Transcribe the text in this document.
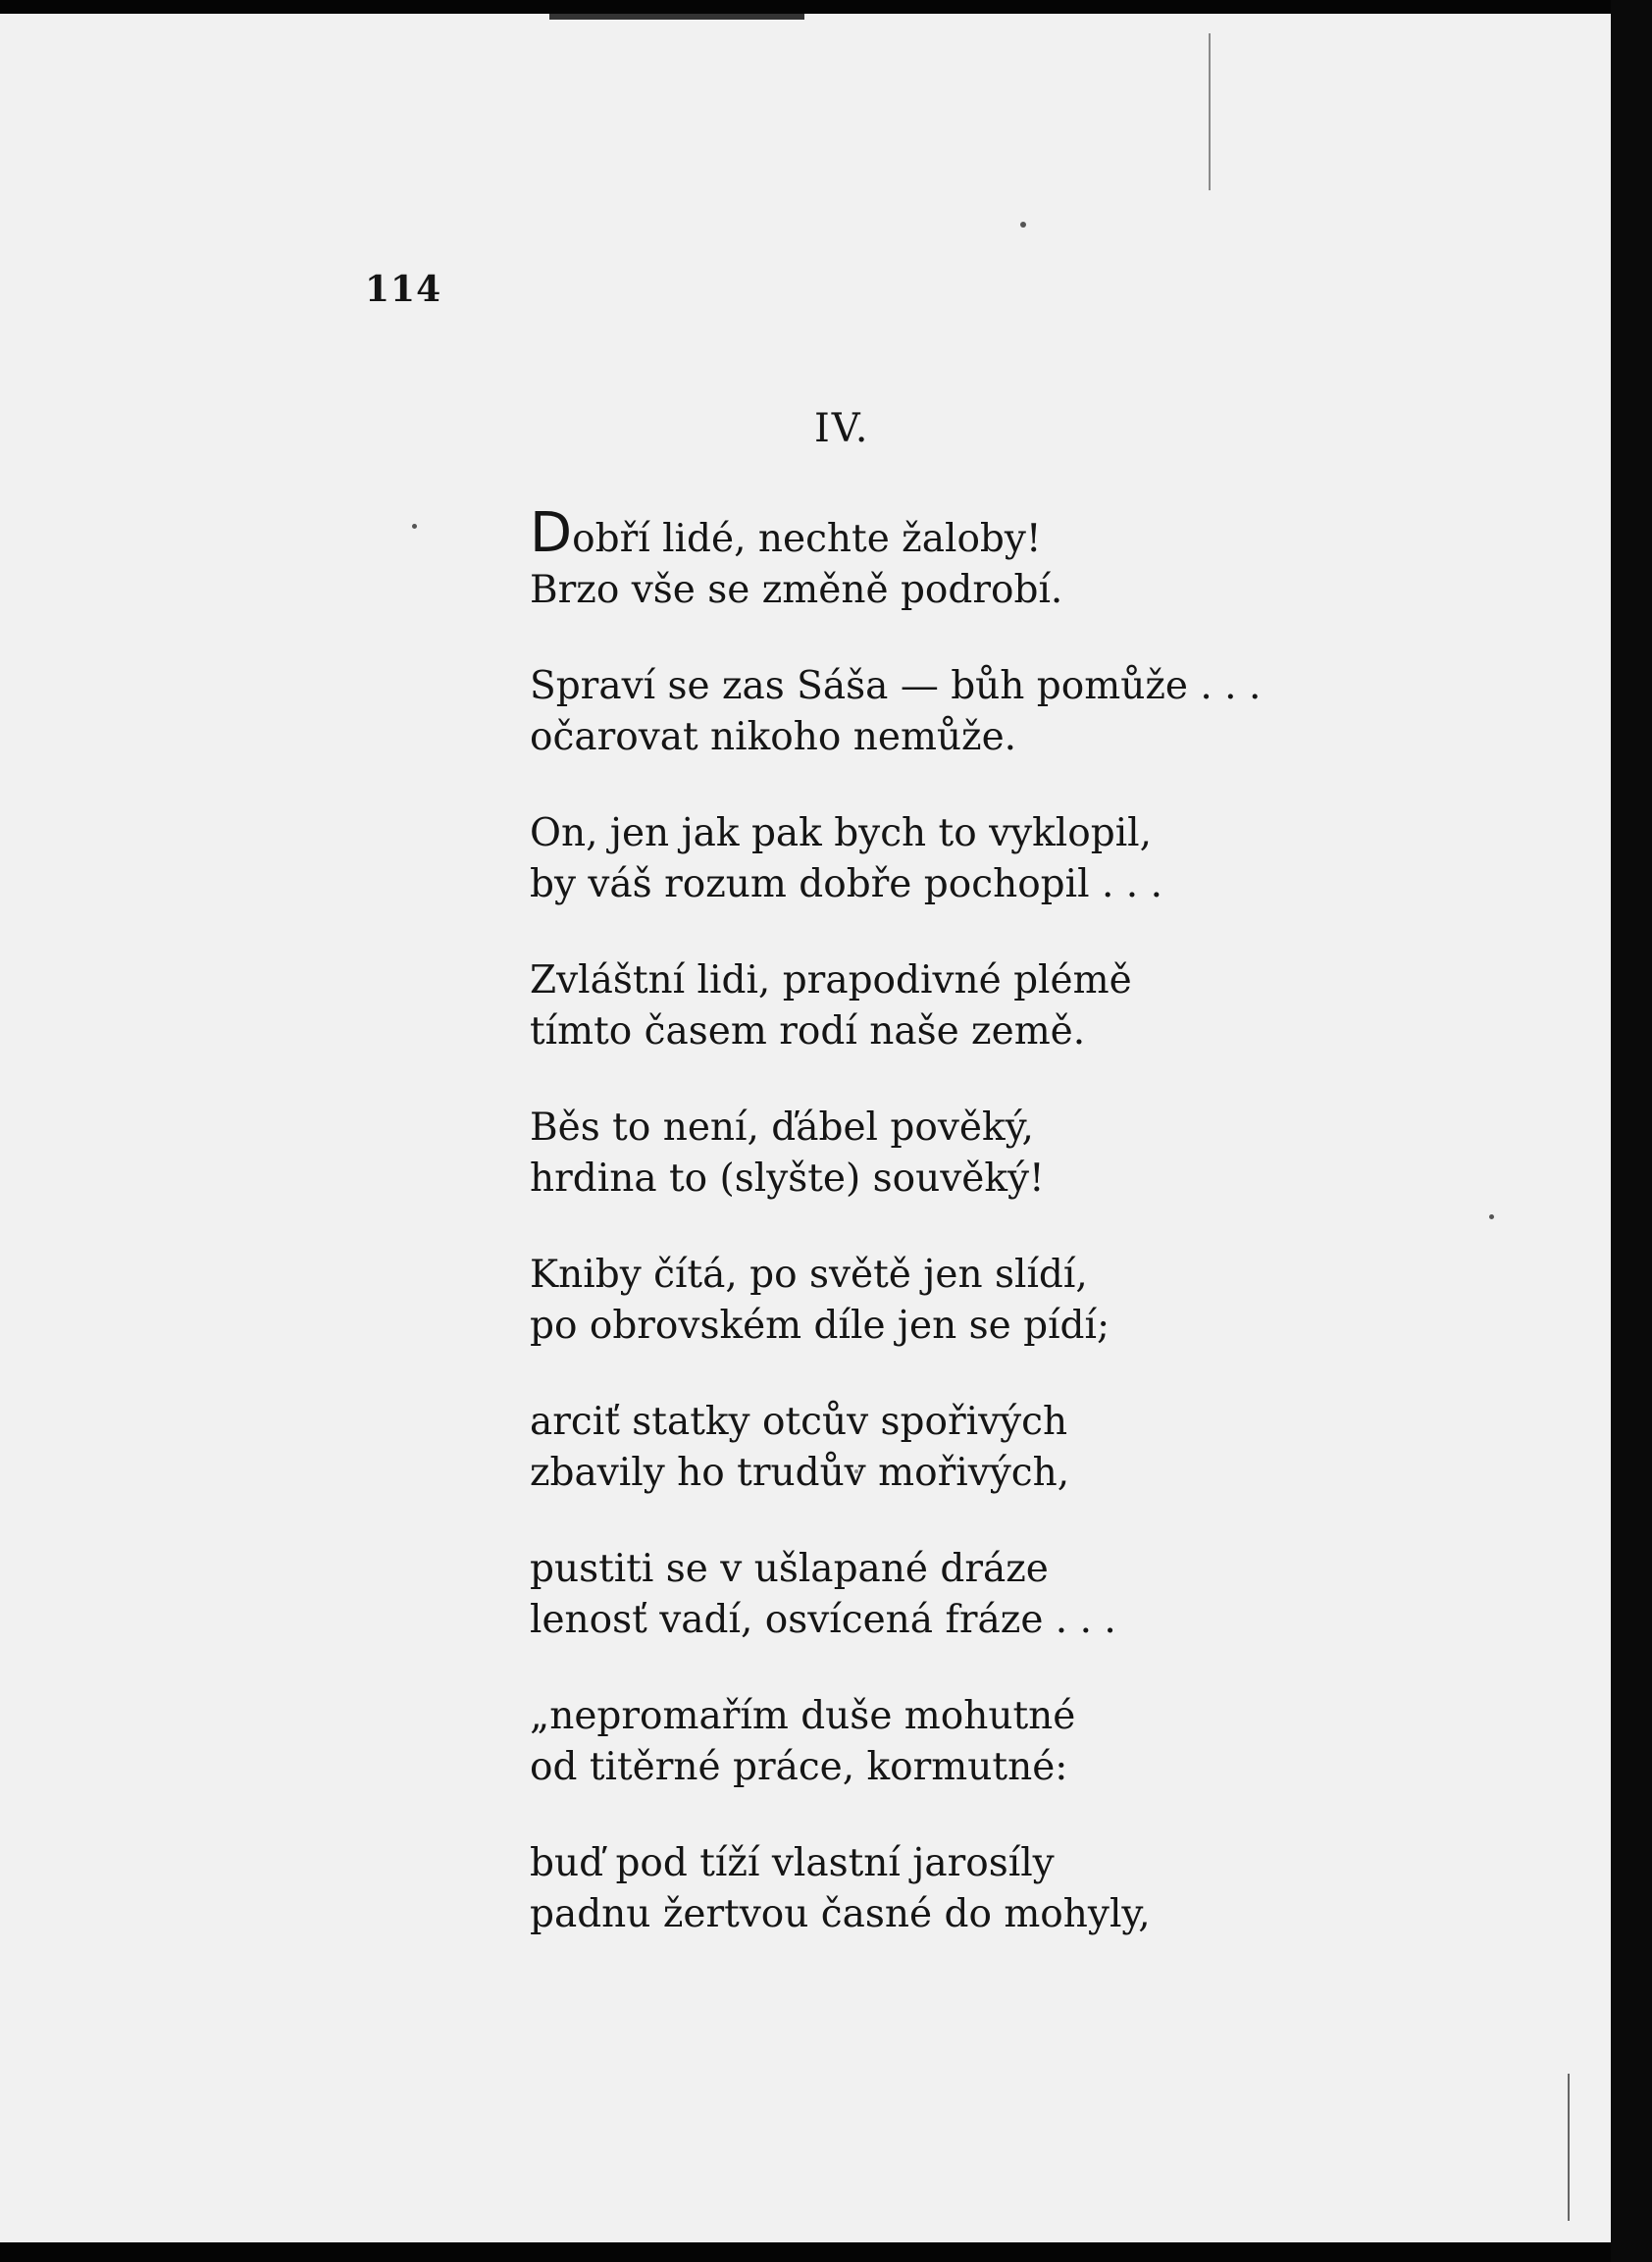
114
IV.
Dobří lidé, nechte žaloby!
Brzo vše se změně podrobí.
Spraví se zas Sáša — bůh pomůže . . .
očarovat nikoho nemůže.
On, jen jak pak bych to vyklopil,
by váš rozum dobře pochopil . . .
Zvláštní lidi, prapodivné plémě
tímto časem rodí naše země.
Běs to není, ďábel pověký,
hrdina to (slyšte) souvěký!
Kniby čítá, po světě jen slídí,
po obrovském díle jen se pídí;
arciť statky otcův spořivých
zbavily ho trudův mořivých,
pustiti se v ušlapané dráze
lenosť vadí, osvícená fráze . . .
„nepromařím duše mohutné
od titěrné práce, kormutné:
buď pod tíží vlastní jarosíly
padnu žertvou časné do mohyly,
